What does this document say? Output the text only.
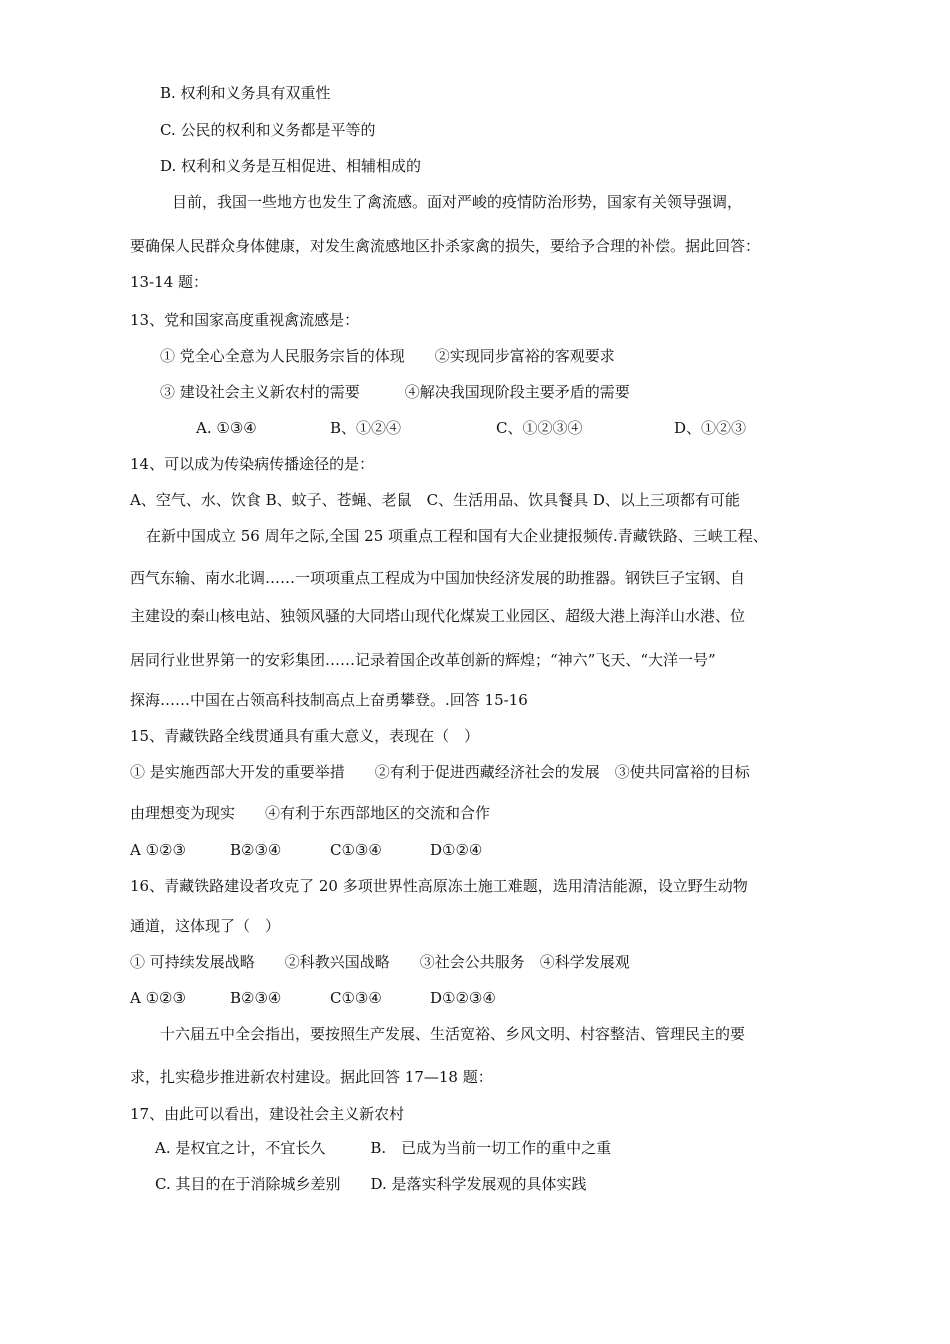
B. 权利和义务具有双重性
C. 公民的权利和义务都是平等的
D. 权利和义务是互相促进、相辅相成的
目前，我国一些地方也发生了禽流感。面对严峻的疫情防治形势，国家有关领导强调，
要确保人民群众身体健康，对发生禽流感地区扑杀家禽的损失，要给予合理的补偿。据此回答：
13-14 题：
13、党和国家高度重视禽流感是：
① 党全心全意为人民服务宗旨的体现　　②实现同步富裕的客观要求
③ 建设社会主义新农村的需要　　　④解决我国现阶段主要矛盾的需要
A. ①③④	B、①②④	C、①②③④	D、①②③
14、可以成为传染病传播途径的是：
A、空气、水、饮食 B、蚊子、苍蝇、老鼠　C、生活用品、饮具餐具 D、以上三项都有可能
在新中国成立 56 周年之际,全国 25 项重点工程和国有大企业捷报频传.青藏铁路、三峡工程、
西气东输、南水北调……一项项重点工程成为中国加快经济发展的助推器。钢铁巨子宝钢、自
主建设的秦山核电站、独领风骚的大同塔山现代化煤炭工业园区、超级大港上海洋山水港、位
居同行业世界第一的安彩集团……记录着国企改革创新的辉煌；“神六”飞天、“大洋一号”
探海……中国在占领高科技制高点上奋勇攀登。.回答 15-16
15、青藏铁路全线贯通具有重大意义，表现在（　）
① 是实施西部大开发的重要举措　　②有利于促进西藏经济社会的发展　③使共同富裕的目标
由理想变为现实　　④有利于东西部地区的交流和合作
A ①②③	B②③④	C①③④	D①②④
16、青藏铁路建设者攻克了 20 多项世界性高原冻土施工难题，选用清洁能源，设立野生动物
通道，这体现了（　）
① 可持续发展战略　　②科教兴国战略　　③社会公共服务　④科学发展观
A ①②③	B②③④	C①③④	D①②③④
十六届五中全会指出，要按照生产发展、生活宽裕、乡风文明、村容整洁、管理民主的要
求，扎实稳步推进新农村建设。据此回答 17—18 题：
17、由此可以看出，建设社会主义新农村
A. 是权宜之计，不宜长久　　　B.　已成为当前一切工作的重中之重
C. 其目的在于消除城乡差别　　D. 是落实科学发展观的具体实践
